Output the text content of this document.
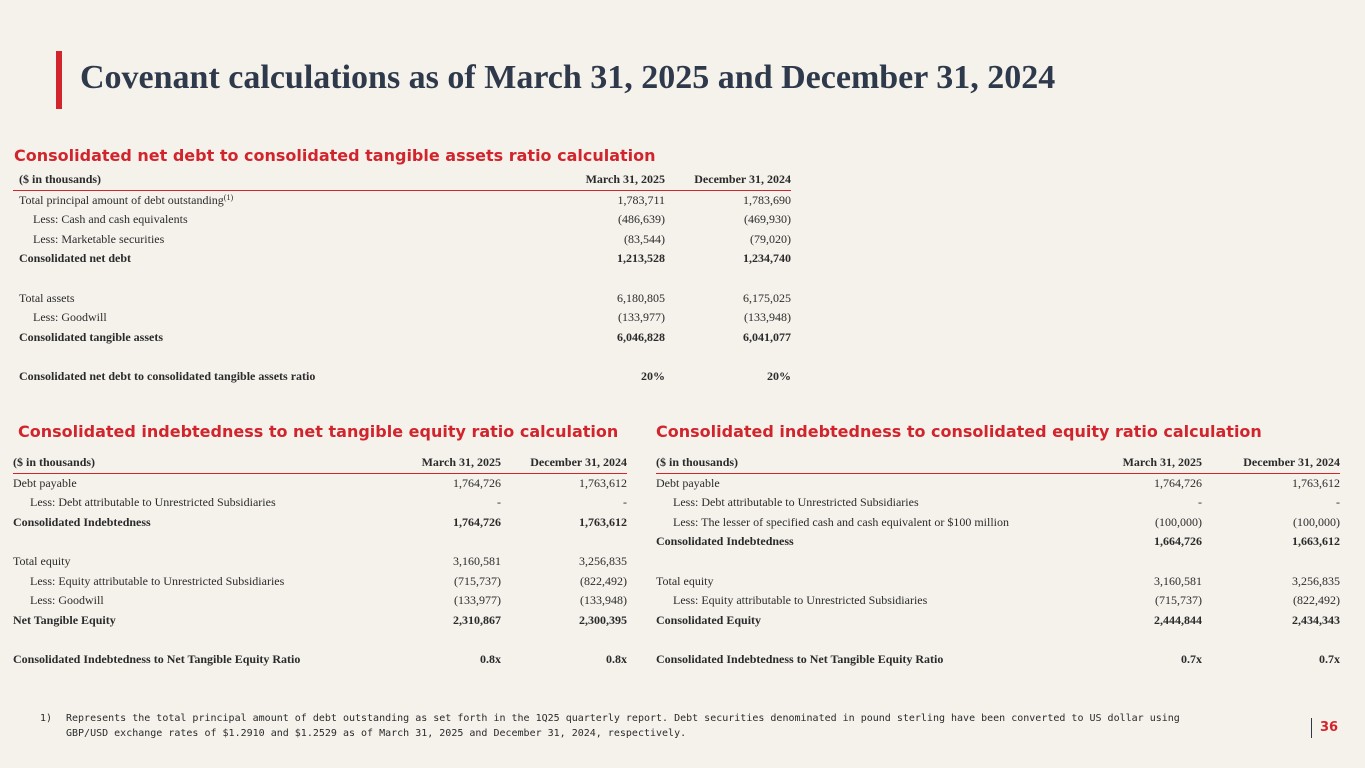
Covenant calculations as of March 31, 2025 and December 31, 2024
Consolidated net debt to consolidated tangible assets ratio calculation
($ in thousands)	March 31, 2025	December 31, 2024
Total principal amount of debt outstanding$^{(1)}$	1,783,711	1,783,690
Less: Cash and cash equivalents	(486,639)	(469,930)
Less: Marketable securities	(83,544)	(79,020)
Consolidated net debt	1,213,528	1,234,740

Total assets	6,180,805	6,175,025
Less: Goodwill	(133,977)	(133,948)
Consolidated tangible assets	6,046,828	6,041,077

Consolidated net debt to consolidated tangible assets ratio	20%	20%
Consolidated indebtedness to net tangible equity ratio calculation
($ in thousands)	March 31, 2025	December 31, 2024
Debt payable	1,764,726	1,763,612
Less: Debt attributable to Unrestricted Subsidiaries	-	-
Consolidated Indebtedness	1,764,726	1,763,612

Total equity	3,160,581	3,256,835
Less: Equity attributable to Unrestricted Subsidiaries	(715,737)	(822,492)
Less: Goodwill	(133,977)	(133,948)
Net Tangible Equity	2,310,867	2,300,395

Consolidated Indebtedness to Net Tangible Equity Ratio	0.8x	0.8x
Consolidated indebtedness to consolidated equity ratio calculation
($ in thousands)	March 31, 2025	December 31, 2024
Debt payable	1,764,726	1,763,612
Less: Debt attributable to Unrestricted Subsidiaries	-	-
Less: The lesser of specified cash and cash equivalent or $100 million	(100,000)	(100,000)
Consolidated Indebtedness	1,664,726	1,663,612

Total equity	3,160,581	3,256,835
Less: Equity attributable to Unrestricted Subsidiaries	(715,737)	(822,492)
Consolidated Equity	2,444,844	2,434,343

Consolidated Indebtedness to Net Tangible Equity Ratio	0.7x	0.7x
1) Represents the total principal amount of debt outstanding as set forth in the 1Q25 quarterly report. Debt securities denominated in pound sterling have been converted to US dollar using GBP/USD exchange rates of $1.2910 and $1.2529 as of March 31, 2025 and December 31, 2024, respectively.	36
